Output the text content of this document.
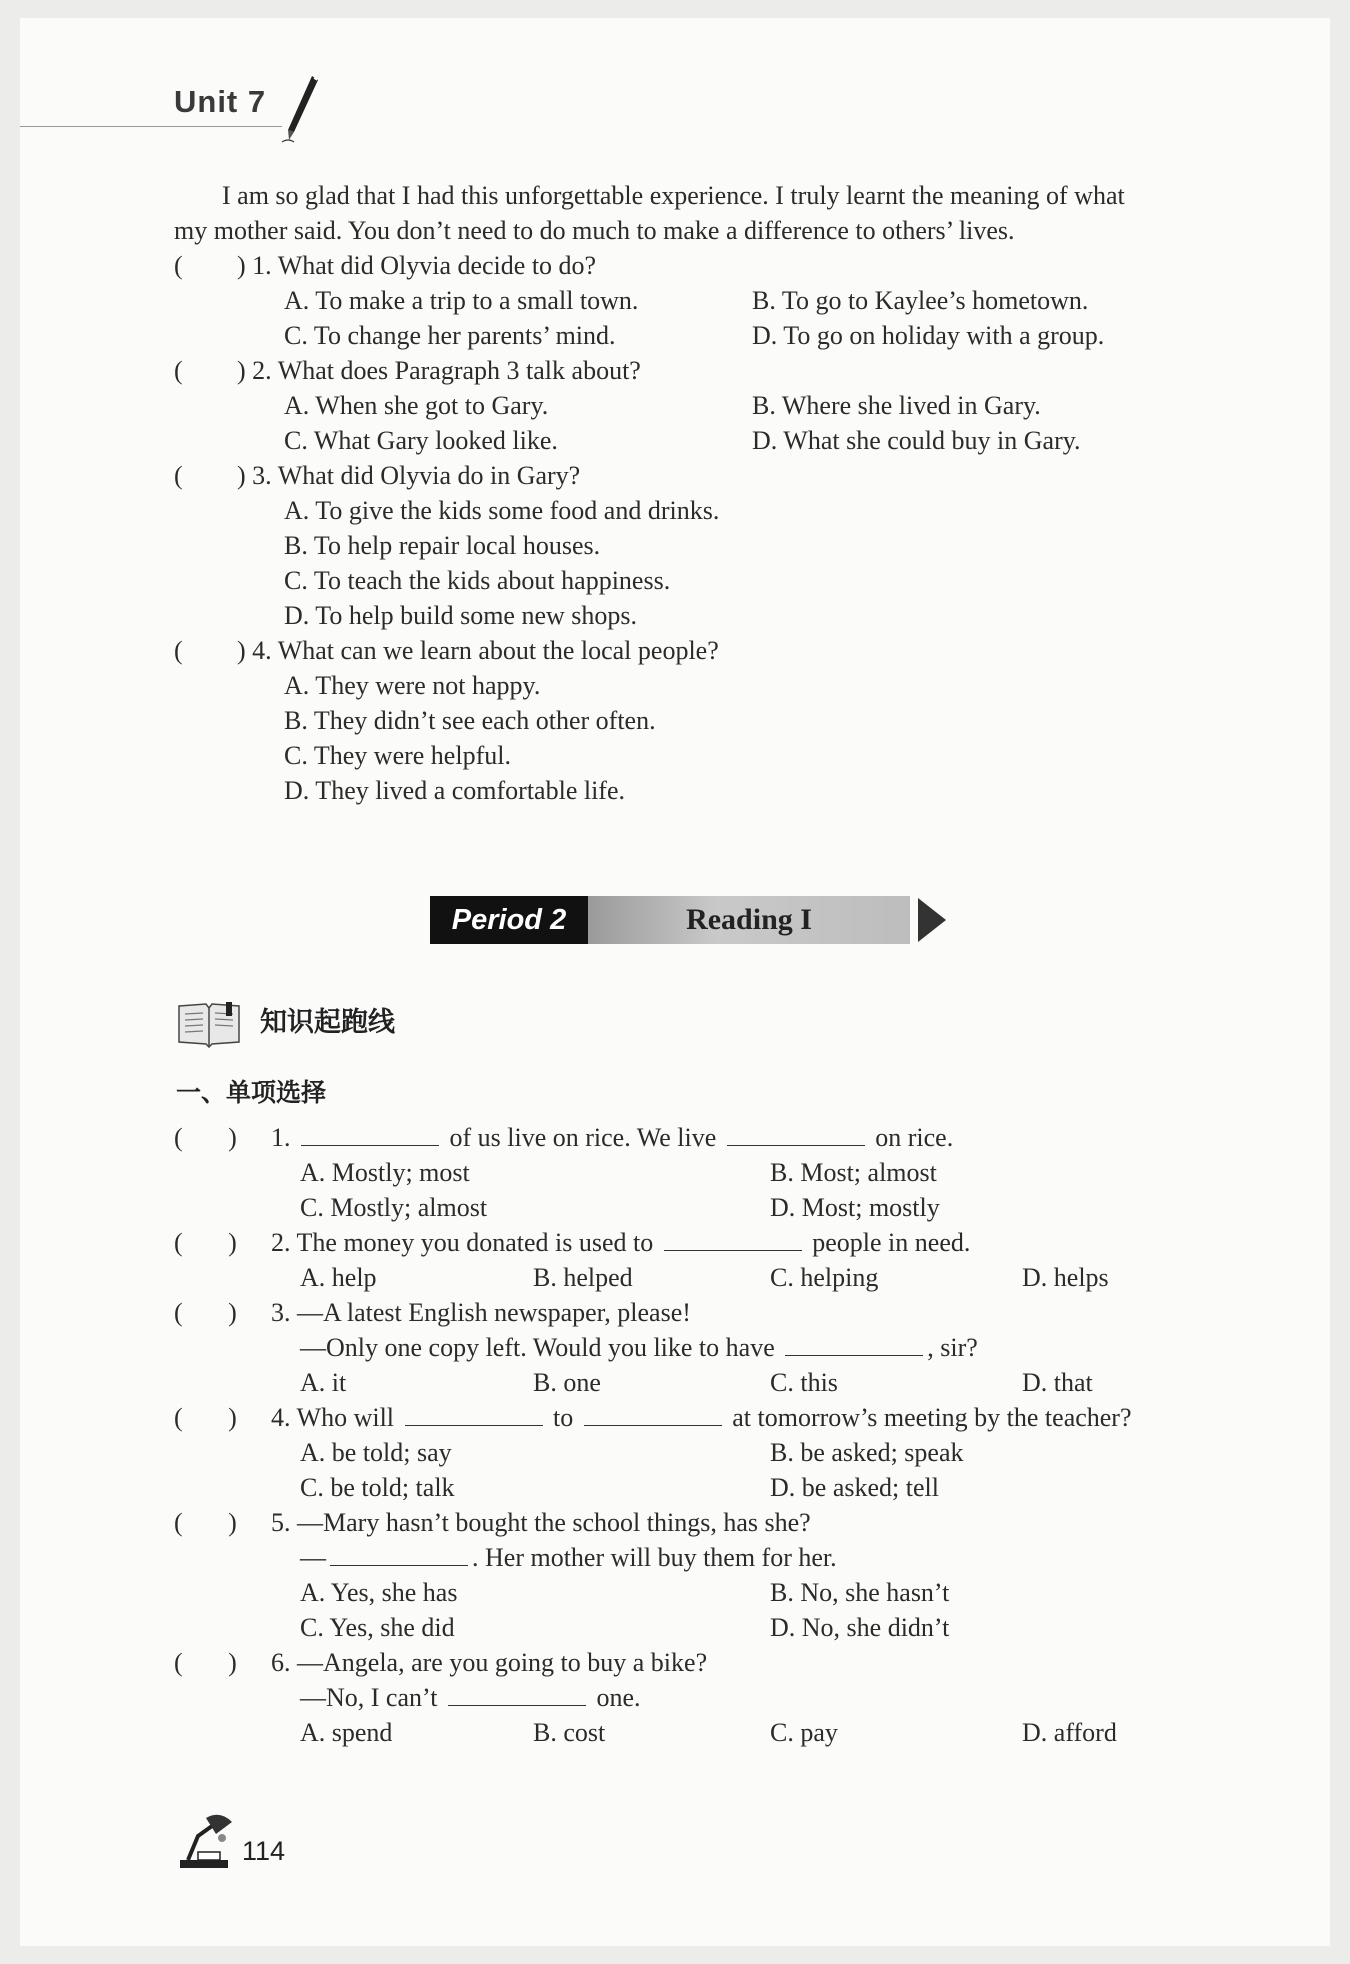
Unit 7
I am so glad that I had this unforgettable experience. I truly learnt the meaning of what
my mother said. You don’t need to do much to make a difference to others’ lives.
( ) 1. What did Olyvia decide to do?
A. To make a trip to a small town.	B. To go to Kaylee’s hometown.
C. To change her parents’ mind.	D. To go on holiday with a group.
( ) 2. What does Paragraph 3 talk about?
A. When she got to Gary.	B. Where she lived in Gary.
C. What Gary looked like.	D. What she could buy in Gary.
( ) 3. What did Olyvia do in Gary?
A. To give the kids some food and drinks.
B. To help repair local houses.
C. To teach the kids about happiness.
D. To help build some new shops.
( ) 4. What can we learn about the local people?
A. They were not happy.
B. They didn’t see each other often.
C. They were helpful.
D. They lived a comfortable life.
Period 2	Reading I
知识起跑线
一、单项选择
(       ) 1.	of us live on rice. We live	on rice.
A. Mostly; most	B. Most; almost
C. Mostly; almost	D. Most; mostly
(       ) 2. The money you donated is used to	people in need.
A. help	B. helped	C. helping	D. helps
(       ) 3. —A latest English newspaper, please!
—Only one copy left. Would you like to have	, sir?
A. it	B. one	C. this	D. that
(       ) 4. Who will	to	at tomorrow’s meeting by the teacher?
A. be told; say	B. be asked; speak
C. be told; talk	D. be asked; tell
(       ) 5. —Mary hasn’t bought the school things, has she?
—	. Her mother will buy them for her.
A. Yes, she has	B. No, she hasn’t
C. Yes, she did	D. No, she didn’t
(       ) 6. —Angela, are you going to buy a bike?
—No, I can’t	one.
A. spend	B. cost	C. pay	D. afford
114
